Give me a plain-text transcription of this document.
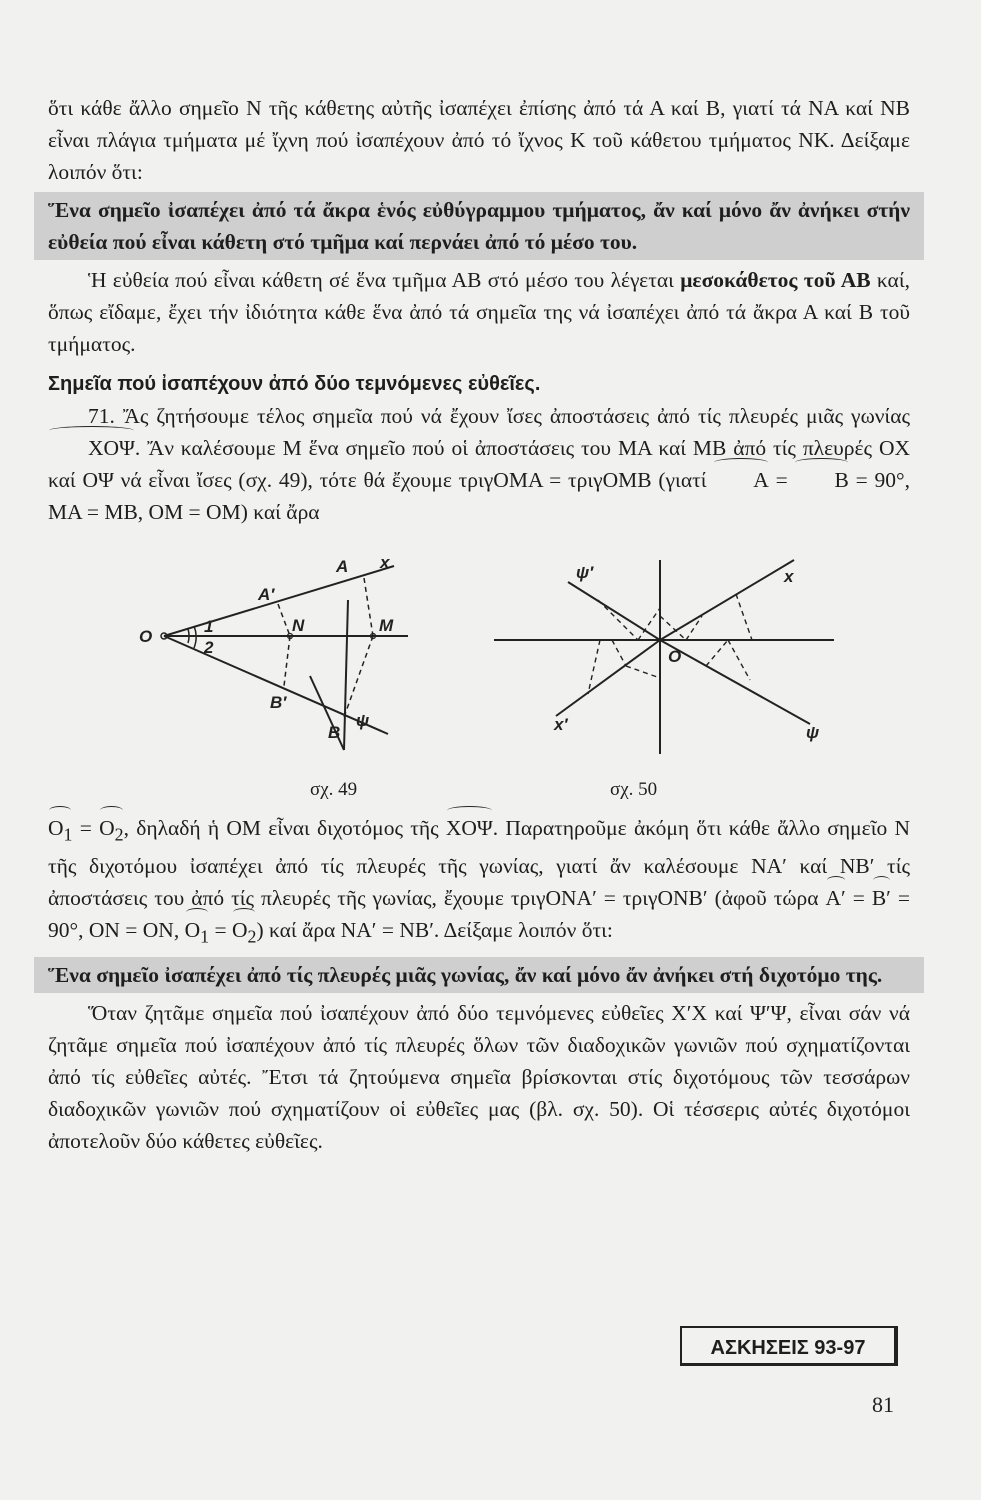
ὅτι κάθε ἄλλο σημεῖο Ν τῆς κάθετης αὐτῆς ἰσαπέχει ἐπίσης ἀπό τά Α καί Β, γιατί τά ΝΑ καί ΝΒ εἶναι πλάγια τμήματα μέ ἴχνη πού ἰσαπέχουν ἀπό τό ἴχνος Κ τοῦ κάθετου τμήματος ΝΚ. Δείξαμε λοιπόν ὅτι:

Ἕνα σημεῖο ἰσαπέχει ἀπό τά ἄκρα ἑνός εὐθύγραμμου τμήματος, ἄν καί μόνο ἄν ἀνήκει στήν εὐθεία πού εἶναι κάθετη στό τμῆμα καί περνάει ἀπό τό μέσο του.

Ἡ εὐθεία πού εἶναι κάθετη σέ ἕνα τμῆμα ΑΒ στό μέσο του λέγεται μεσοκάθετος τοῦ ΑΒ καί, ὅπως εἴδαμε, ἔχει τήν ἰδιότητα κάθε ἕνα ἀπό τά σημεῖα της νά ἰσαπέχει ἀπό τά ἄκρα Α καί Β τοῦ τμήματος.

Σημεῖα πού ἰσαπέχουν ἀπό δύο τεμνόμενες εὐθεῖες.

71. Ἄς ζητήσουμε τέλος σημεῖα πού νά ἔχουν ἴσες ἀποστάσεις ἀπό τίς πλευρές μιᾶς γωνίας ΧΟΨ. Ἄν καλέσουμε Μ ἕνα σημεῖο πού οἱ ἀποστάσεις του ΜΑ καί ΜΒ ἀπό τίς πλευρές ΟΧ καί ΟΨ νά εἶναι ἴσες (σχ. 49), τότε θά ἔχουμε τριγΟΜΑ = τριγΟΜΒ (γιατί Α = Β = 90°, ΜΑ = ΜΒ, ΟΜ = ΟΜ) καί ἄρα

O
1
2
A′
A x
N	M
B′
B
ψ
O
ψ′	x
x′	ψ
σχ. 49	σχ. 50

$O_1 = O_2$, δηλαδή ἡ ΟΜ εἶναι διχοτόμος τῆς ΧΟΨ. Παρατηροῦμε ἀκόμη ὅτι κάθε ἄλλο σημεῖο Ν τῆς διχοτόμου ἰσαπέχει ἀπό τίς πλευρές τῆς γωνίας, γιατί ἄν καλέσουμε ΝΑ′ καί ΝΒ′ τίς ἀποστάσεις του ἀπό τίς πλευρές τῆς γωνίας, ἔχουμε τριγΟΝΑ′ = τριγΟΝΒ′ (ἀφοῦ τώρα Α′ = Β′ = 90°, ΟΝ = ΟΝ, $O_1 = O_2$) καί ἄρα ΝΑ′ = ΝΒ′. Δείξαμε λοιπόν ὅτι:

Ἕνα σημεῖο ἰσαπέχει ἀπό τίς πλευρές μιᾶς γωνίας, ἄν καί μόνο ἄν ἀνήκει στή διχοτόμο της.

Ὅταν ζητᾶμε σημεῖα πού ἰσαπέχουν ἀπό δύο τεμνόμενες εὐθεῖες Χ′Χ καί Ψ′Ψ, εἶναι σάν νά ζητᾶμε σημεῖα πού ἰσαπέχουν ἀπό τίς πλευρές ὅλων τῶν διαδοχικῶν γωνιῶν πού σχηματίζονται ἀπό τίς εὐθεῖες αὐτές. Ἔτσι τά ζητούμενα σημεῖα βρίσκονται στίς διχοτόμους τῶν τεσσάρων διαδοχικῶν γωνιῶν πού σχηματίζουν οἱ εὐθεῖες μας (βλ. σχ. 50). Οἱ τέσσερις αὐτές διχοτόμοι ἀποτελοῦν δύο κάθετες εὐθεῖες.

ΑΣΚΗΣΕΙΣ 93-97
81
